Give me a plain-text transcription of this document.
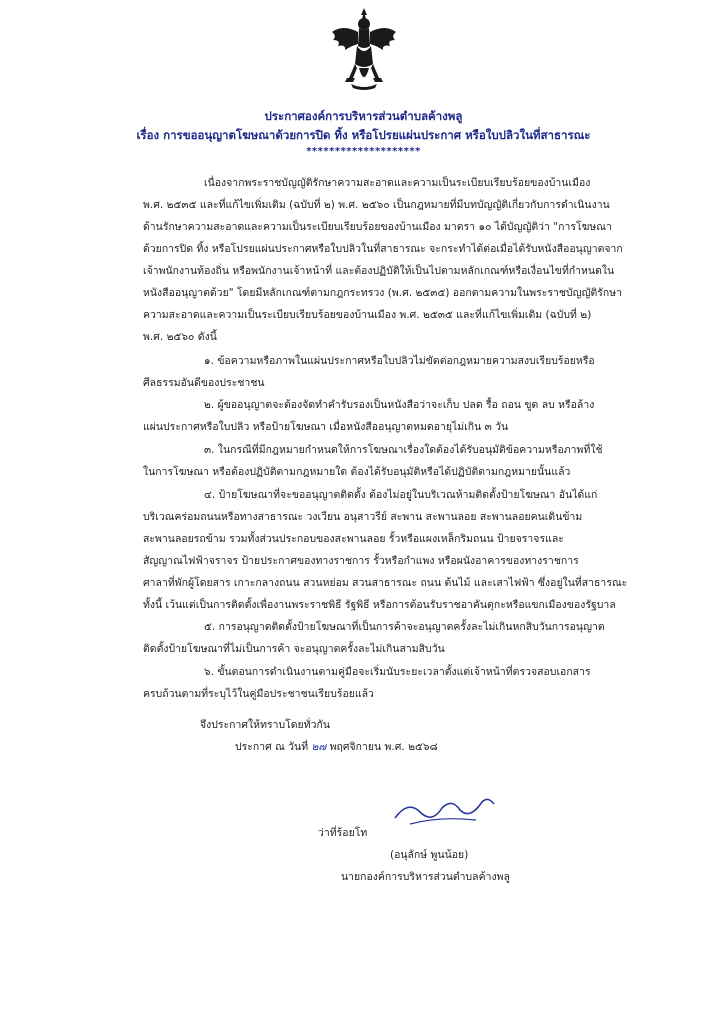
ประกาศองค์การบริหารส่วนตำบลค้างพลู
เรื่อง การขออนุญาตโฆษณาด้วยการปิด ทิ้ง หรือโปรยแผ่นประกาศ หรือใบปลิวในที่สาธารณะ
********************
เนื่องจากพระราชบัญญัติรักษาความสะอาดและความเป็นระเบียบเรียบร้อยของบ้านเมือง
พ.ศ. ๒๕๓๕ และที่แก้ไขเพิ่มเติม (ฉบับที่ ๒) พ.ศ. ๒๕๖๐ เป็นกฎหมายที่มีบทบัญญัติเกี่ยวกับการดำเนินงาน
ด้านรักษาความสะอาดและความเป็นระเบียบเรียบร้อยของบ้านเมือง มาตรา ๑๐ ได้บัญญัติว่า "การโฆษณา
ด้วยการปิด ทิ้ง หรือโปรยแผ่นประกาศหรือใบปลิวในที่สาธารณะ จะกระทำได้ต่อเมื่อได้รับหนังสืออนุญาตจาก
เจ้าพนักงานท้องถิ่น หรือพนักงานเจ้าหน้าที่ และต้องปฏิบัติให้เป็นไปตามหลักเกณฑ์หรือเงื่อนไขที่กำหนดใน
หนังสืออนุญาตด้วย" โดยมีหลักเกณฑ์ตามกฎกระทรวง (พ.ศ. ๒๕๓๕) ออกตามความในพระราชบัญญัติรักษา
ความสะอาดและความเป็นระเบียบเรียบร้อยของบ้านเมือง พ.ศ. ๒๕๓๕ และที่แก้ไขเพิ่มเติม (ฉบับที่ ๒)
พ.ศ. ๒๕๖๐ ดังนี้
๑. ข้อความหรือภาพในแผ่นประกาศหรือใบปลิวไม่ขัดต่อกฎหมายความสงบเรียบร้อยหรือ
ศีลธรรมอันดีของประชาชน
๒. ผู้ขออนุญาตจะต้องจัดทำคำรับรองเป็นหนังสือว่าจะเก็บ ปลด รื้อ ถอน ขูด ลบ หรือล้าง
แผ่นประกาศหรือใบปลิว หรือป้ายโฆษณา เมื่อหนังสืออนุญาตหมดอายุไม่เกิน ๓ วัน
๓. ในกรณีที่มีกฎหมายกำหนดให้การโฆษณาเรื่องใดต้องได้รับอนุมัติข้อความหรือภาพที่ใช้
ในการโฆษณา หรือต้องปฏิบัติตามกฎหมายใด ต้องได้รับอนุมัติหรือได้ปฏิบัติตามกฎหมายนั้นแล้ว
๔. ป้ายโฆษณาที่จะขออนุญาตติดตั้ง ต้องไม่อยู่ในบริเวณห้ามติดตั้งป้ายโฆษณา อันได้แก่
บริเวณคร่อมถนนหรือทางสาธารณะ วงเวียน อนุสาวรีย์ สะพาน สะพานลอย สะพานลอยคนเดินข้าม
สะพานลอยรถข้าม รวมทั้งส่วนประกอบของสะพานลอย รั้วหรือแผงเหล็กริมถนน ป้ายจราจรและ
สัญญาณไฟฟ้าจราจร ป้ายประกาศของทางราชการ รั้วหรือกำแพง หรือผนังอาคารของทางราชการ
ศาลาที่พักผู้โดยสาร เกาะกลางถนน สวนหย่อม สวนสาธารณะ ถนน ต้นไม้ และเสาไฟฟ้า ซึ่งอยู่ในที่สาธารณะ
ทั้งนี้ เว้นแต่เป็นการติดตั้งเพื่องานพระราชพิธี รัฐพิธี หรือการต้อนรับราชอาคันตุกะหรือแขกเมืองของรัฐบาล
๕. การอนุญาตติดตั้งป้ายโฆษณาที่เป็นการค้าจะอนุญาตครั้งละไม่เกินหกสิบวันการอนุญาต
ติดตั้งป้ายโฆษณาที่ไม่เป็นการค้า จะอนุญาตครั้งละไม่เกินสามสิบวัน
๖. ขั้นตอนการดำเนินงานตามคู่มือจะเริ่มนับระยะเวลาตั้งแต่เจ้าหน้าที่ตรวจสอบเอกสาร
ครบถ้วนตามที่ระบุไว้ในคู่มือประชาชนเรียบร้อยแล้ว
จึงประกาศให้ทราบโดยทั่วกัน
ประกาศ ณ วันที่ ๒๗ พฤศจิกายน พ.ศ. ๒๕๖๘
ว่าที่ร้อยโท
(อนุลักษ์ พูนน้อย)
นายกองค์การบริหารส่วนตำบลค้างพลู
